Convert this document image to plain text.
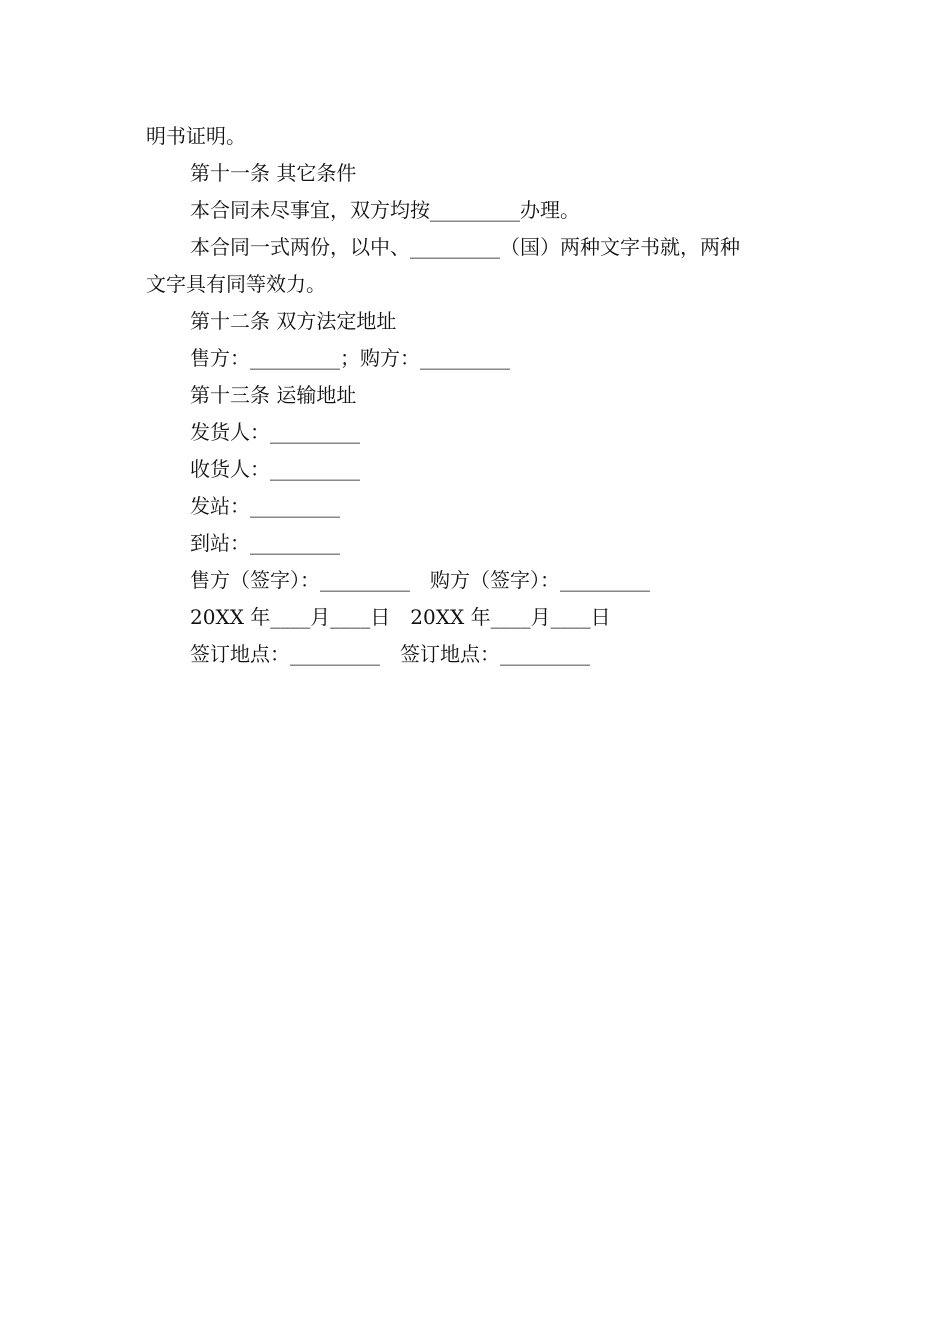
明书证明。
第十一条 其它条件
本合同未尽事宜，双方均按_________办理。
本合同一式两份，以中、_________（国）两种文字书就，两种
文字具有同等效力。
第十二条 双方法定地址
售方：_________；购方：_________
第十三条 运输地址
发货人：_________
收货人：_________
发站：_________
到站：_________
售方（签字）：_________　购方（签字）：_________
20XX 年____月____日　20XX 年____月____日
签订地点：_________　签订地点：_________
